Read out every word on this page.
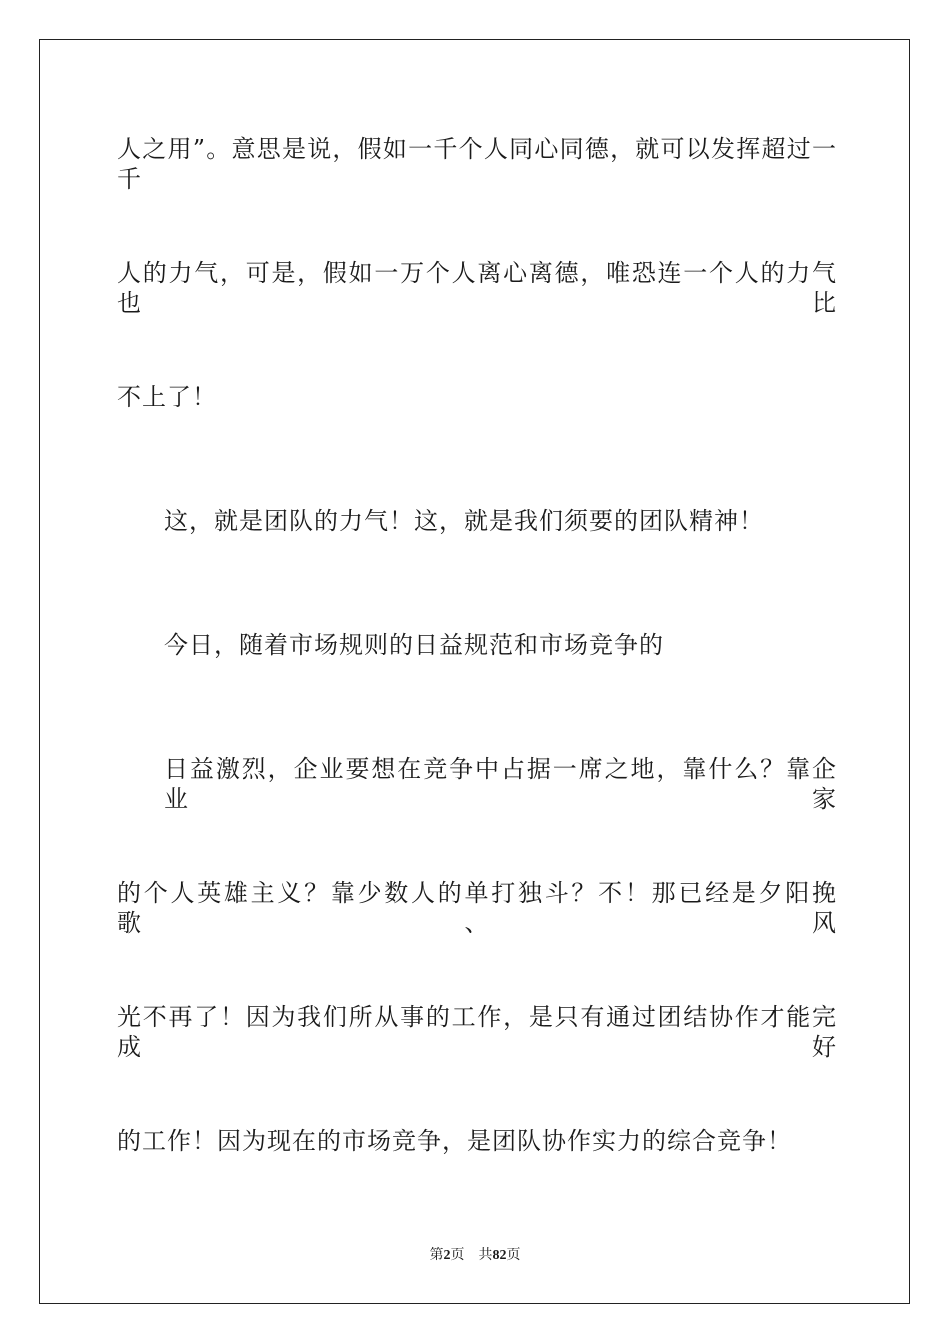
人之用”。意思是说，假如一千个人同心同德，就可以发挥超过一千
人的力气，可是，假如一万个人离心离德，唯恐连一个人的力气也比
不上了！
这，就是团队的力气！这，就是我们须要的团队精神！
今日，随着市场规则的日益规范和市场竞争的
日益激烈，企业要想在竞争中占据一席之地，靠什么？靠企业家
的个人英雄主义？靠少数人的单打独斗？不！那已经是夕阳挽歌、风
光不再了！因为我们所从事的工作，是只有通过团结协作才能完成好
的工作！因为现在的市场竞争，是团队协作实力的综合竞争！
第2页 共82页
